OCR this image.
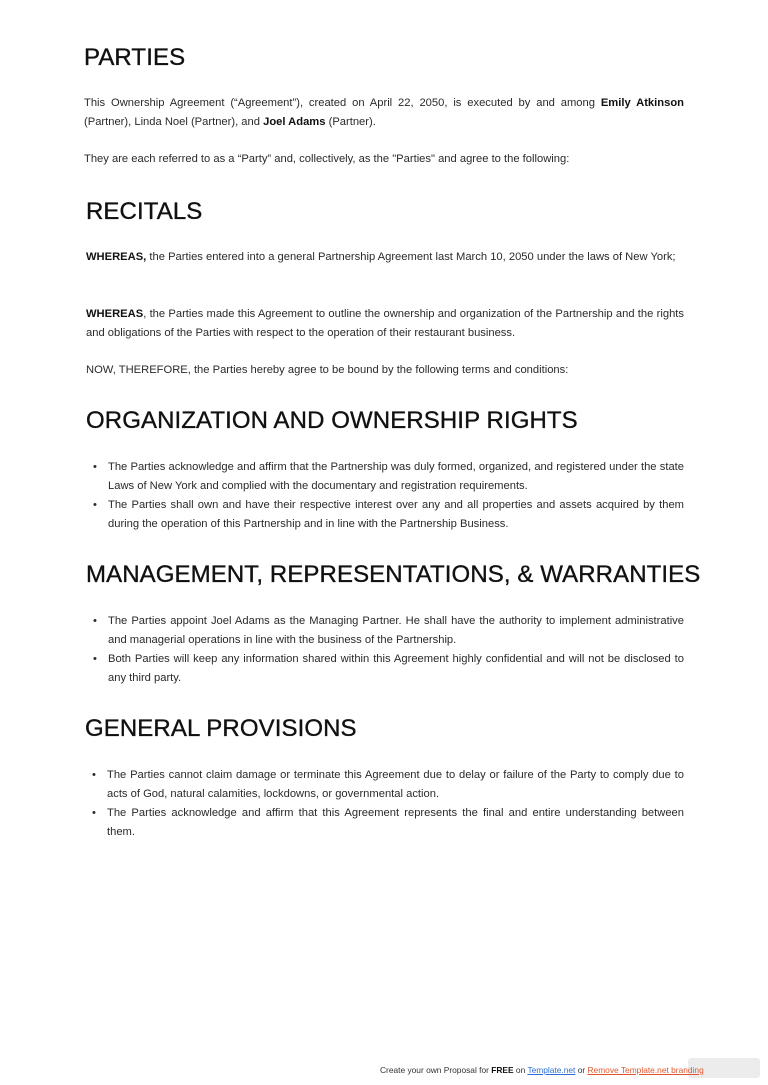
PARTIES

This Ownership Agreement (“Agreement”), created on April 22, 2050, is executed by and among Emily Atkinson (Partner), Linda Noel (Partner), and Joel Adams (Partner).

They are each referred to as a “Party” and, collectively, as the "Parties" and agree to the following:

RECITALS

WHEREAS, the Parties entered into a general Partnership Agreement last March 10, 2050 under the laws of New York;

WHEREAS, the Parties made this Agreement to outline the ownership and organization of the Partnership and the rights and obligations of the Parties with respect to the operation of their restaurant business.

NOW, THEREFORE, the Parties hereby agree to be bound by the following terms and conditions:

ORGANIZATION AND OWNERSHIP RIGHTS
• The Parties acknowledge and affirm that the Partnership was duly formed, organized, and registered under the state Laws of New York and complied with the documentary and registration requirements.
• The Parties shall own and have their respective interest over any and all properties and assets acquired by them during the operation of this Partnership and in line with the Partnership Business.
MANAGEMENT, REPRESENTATIONS, & WARRANTIES
• The Parties appoint Joel Adams as the Managing Partner. He shall have the authority to implement administrative and managerial operations in line with the business of the Partnership.
• Both Parties will keep any information shared within this Agreement highly confidential and will not be disclosed to any third party.
GENERAL PROVISIONS
• The Parties cannot claim damage or terminate this Agreement due to delay or failure of the Party to comply due to acts of God, natural calamities, lockdowns, or governmental action.
• The Parties acknowledge and affirm that this Agreement represents the final and entire understanding between them.
Create your own Proposal for FREE on Template.net or Remove Template.net branding
